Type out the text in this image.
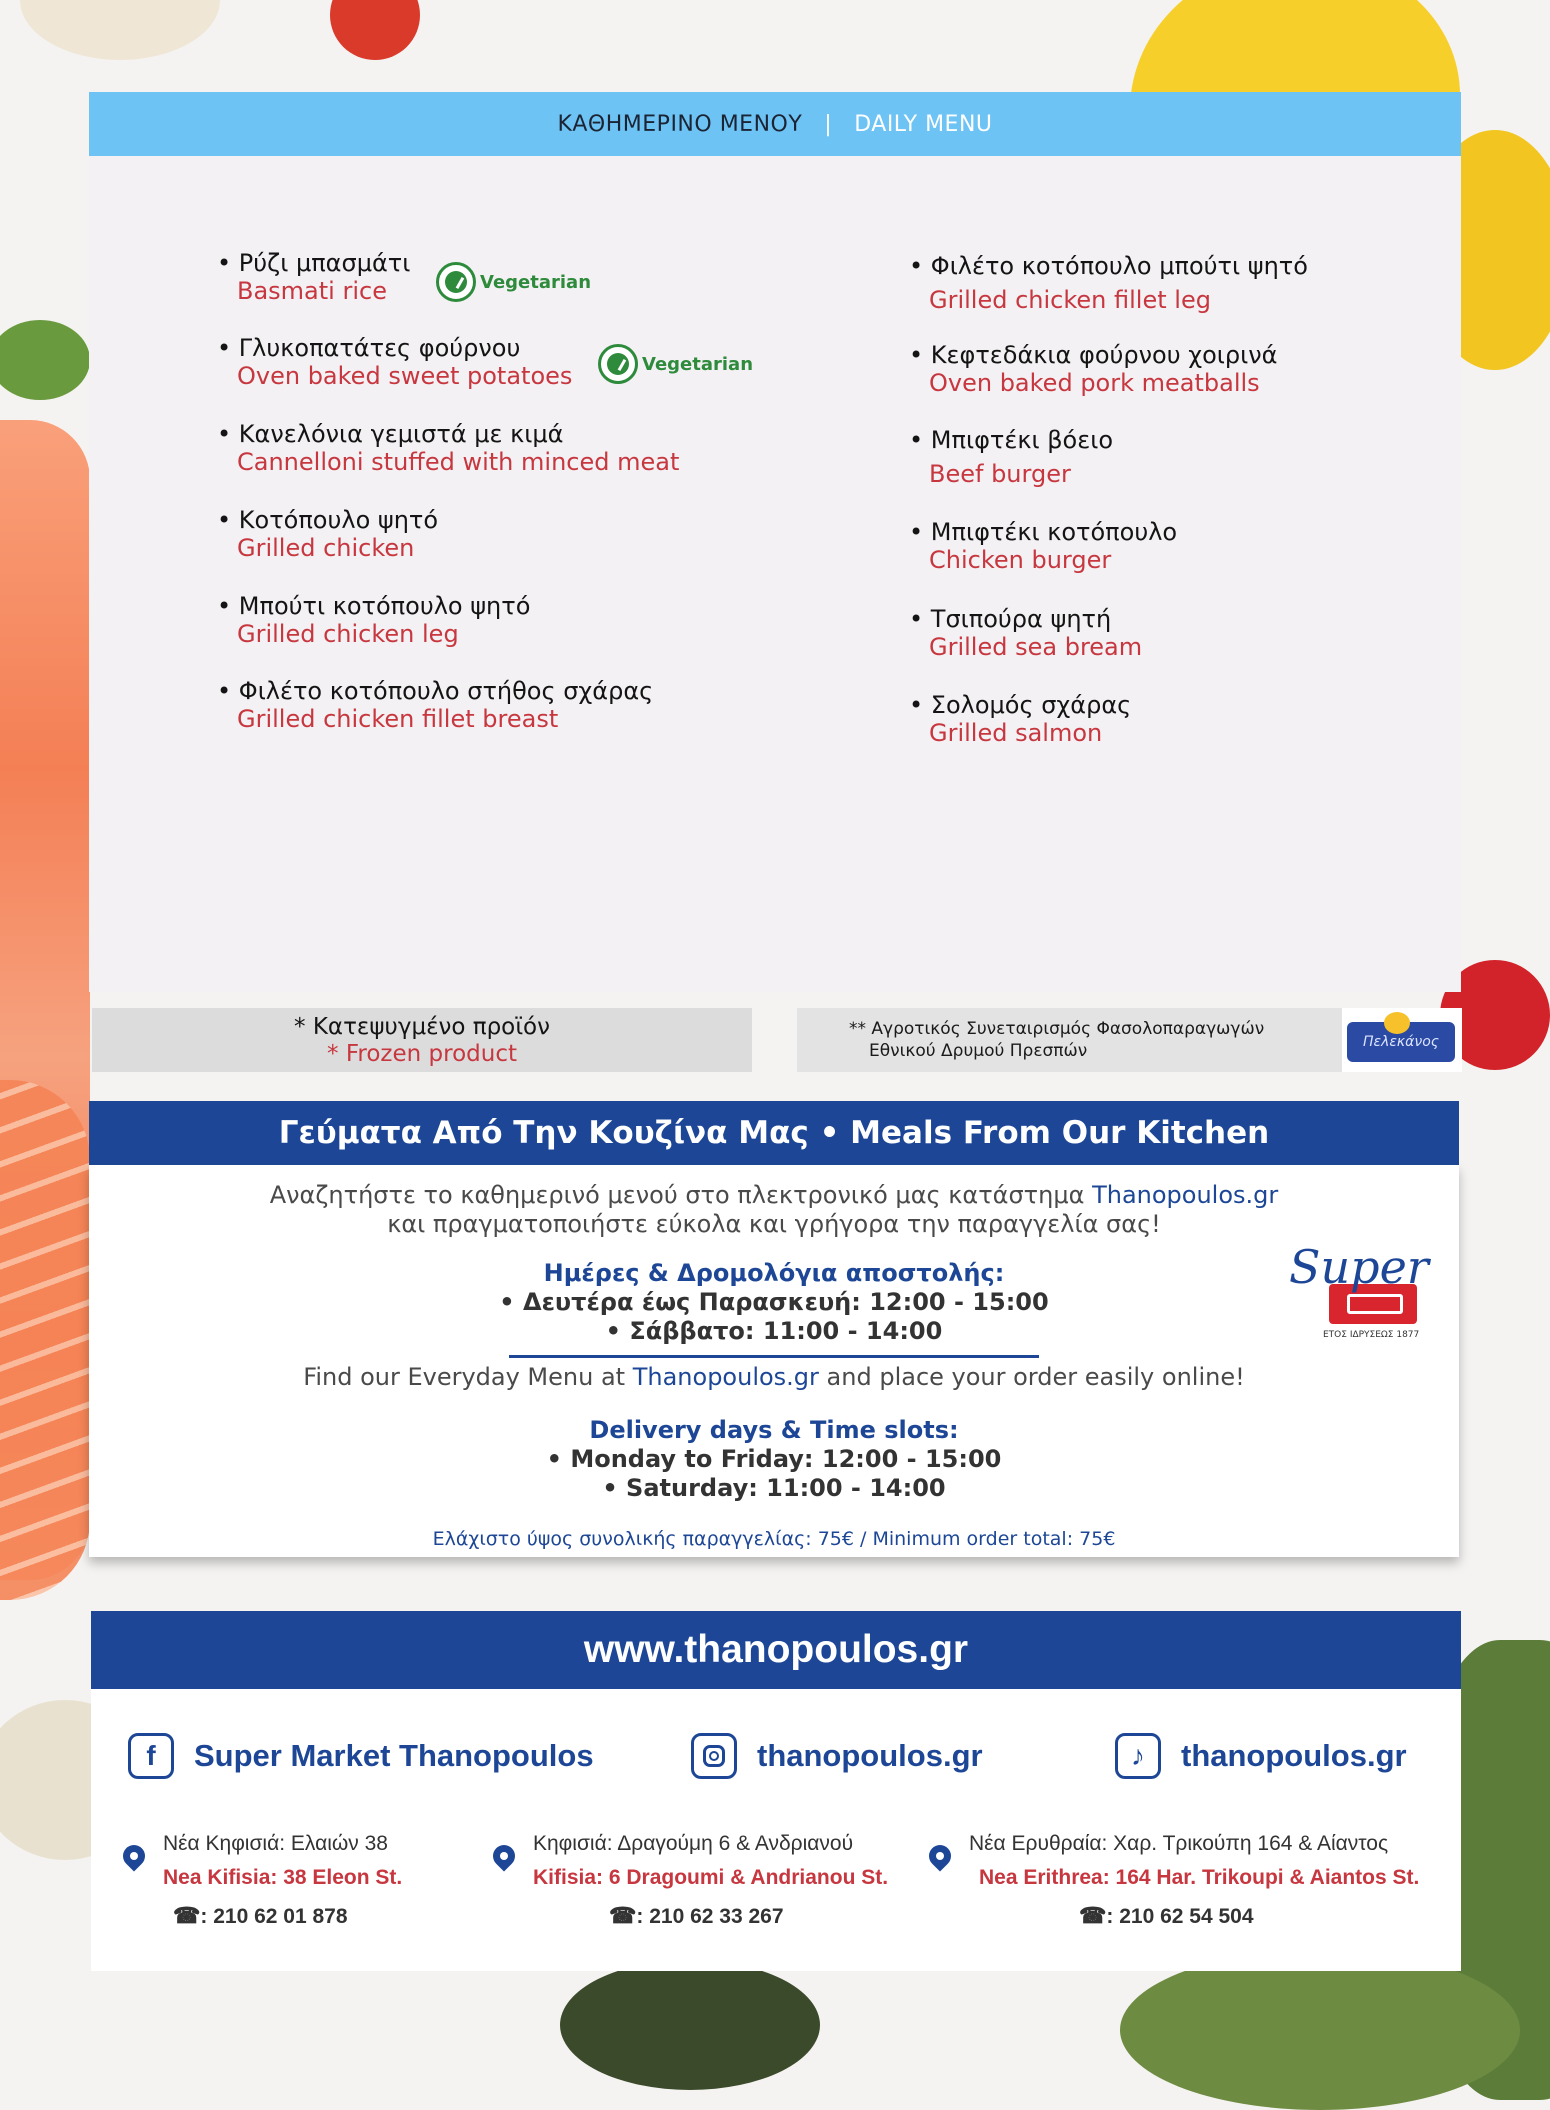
ΚΑΘΗΜΕΡΙΝΟ ΜΕΝΟΥ | DAILY MENU
• Ρύζι μπασμάτι
Basmati rice	Vegetarian
• Γλυκοπατάτες φούρνου
Oven baked sweet potatoes	Vegetarian
• Κανελόνια γεμιστά με κιμά
Cannelloni stuffed with minced meat
• Κοτόπουλο ψητό
Grilled chicken
• Μπούτι κοτόπουλο ψητό
Grilled chicken leg
• Φιλέτο κοτόπουλο στήθος σχάρας
Grilled chicken fillet breast
• Φιλέτο κοτόπουλο μπούτι ψητό
Grilled chicken fillet leg
• Κεφτεδάκια φούρνου χοιρινά
Oven baked pork meatballs
• Μπιφτέκι βόειο
Beef burger
• Μπιφτέκι κοτόπουλο
Chicken burger
• Τσιπούρα ψητή
Grilled sea bream
• Σολομός σχάρας
Grilled salmon
* Κατεψυγμένο προϊόν
* Frozen product
** Αγροτικός Συνεταιρισμός Φασολοπαραγωγών
Εθνικού Δρυμού Πρεσπών	Πελεκάνος
Γεύματα Από Την Κουζίνα Μας • Meals From Our Kitchen
Αναζητήστε το καθημερινό μενού στο πλεκτρονικό μας κατάστημα Thanopoulos.gr
και πραγματοποιήστε εύκολα και γρήγορα την παραγγελία σας!
Ημέρες & Δρομολόγια αποστολής:
• Δευτέρα έως Παρασκευή: 12:00 - 15:00
• Σάββατο: 11:00 - 14:00
Find our Everyday Menu at Thanopoulos.gr and place your order easily online!
Delivery days & Time slots:
• Monday to Friday: 12:00 - 15:00
• Saturday: 11:00 - 14:00
Ελάχιστο ύψος συνολικής παραγγελίας: 75€ / Minimum order total: 75€
Super
ΕΤΟΣ ΙΔΡΥΣΕΩΣ 1877
www.thanopoulos.gr
f	Super Market Thanopoulos	thanopoulos.gr	♪	thanopoulos.gr
Νέα Κηφισιά: Ελαιών 38
Nea Kifisia: 38 Eleon St.
☎: 210 62 01 878
Κηφισιά: Δραγούμη 6 & Ανδριανού
Kifisia: 6 Dragoumi & Andrianou St.
☎: 210 62 33 267
Νέα Ερυθραία: Χαρ. Τρικούπη 164 & Αίαντος
Nea Erithrea: 164 Har. Trikoupi & Aiantos St.
☎: 210 62 54 504
